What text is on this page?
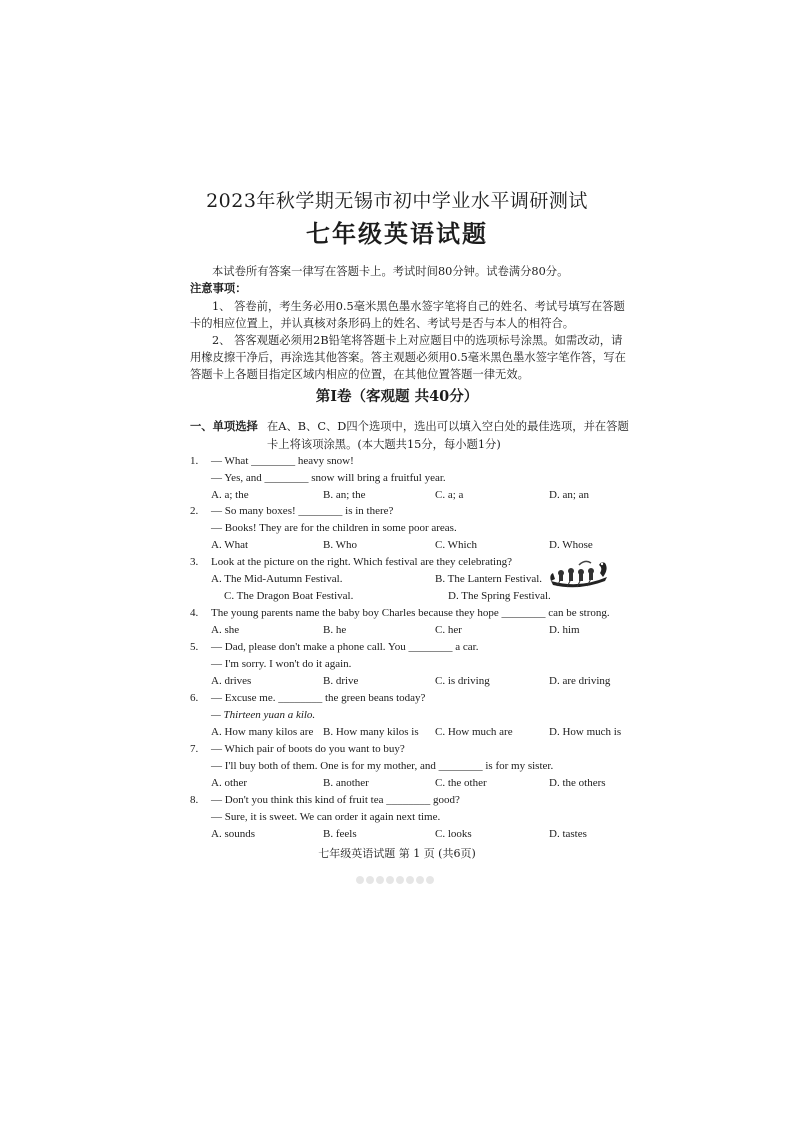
2023年秋学期无锡市初中学业水平调研测试
七年级英语试题
本试卷所有答案一律写在答题卡上。考试时间80分钟。试卷满分80分。
注意事项：
1、 答卷前，考生务必用0.5毫米黑色墨水签字笔将自己的姓名、考试号填写在答题
卡的相应位置上，并认真核对条形码上的姓名、考试号是否与本人的相符合。
2、 答客观题必须用2B铅笔将答题卡上对应题目中的选项标号涂黑。如需改动，请
用橡皮擦干净后，再涂选其他答案。答主观题必须用0.5毫米黑色墨水签字笔作答，写在
答题卡上各题目指定区域内相应的位置，在其他位置答题一律无效。
第Ⅰ卷（客观题 共40分）
一、单项选择 在A、B、C、D四个选项中，选出可以填入空白处的最佳选项，并在答题
卡上将该项涂黑。(本大题共15分，每小题1分)
1. — What ________ heavy snow!
— Yes, and ________ snow will bring a fruitful year.
A. a; the	B. an; the	C. a; a	D. an; an
2. — So many boxes! ________ is in there?
— Books! They are for the children in some poor areas.
A. What	B. Who	C. Which	D. Whose
3. Look at the picture on the right. Which festival are they celebrating?
A. The Mid-Autumn Festival.	B. The Lantern Festival.
C. The Dragon Boat Festival.	D. The Spring Festival.
4. The young parents name the baby boy Charles because they hope ________ can be strong.
A. she	B. he	C. her	D. him
5. — Dad, please don't make a phone call. You ________ a car.
— I'm sorry. I won't do it again.
A. drives	B. drive	C. is driving	D. are driving
6. — Excuse me. ________ the green beans today?
— Thirteen yuan a kilo.
A. How many kilos are B. How many kilos is C. How much are	D. How much is
7. — Which pair of boots do you want to buy?
— I'll buy both of them. One is for my mother, and ________ is for my sister.
A. other	B. another	C. the other	D. the others
8. — Don't you think this kind of fruit tea ________ good?
— Sure, it is sweet. We can order it again next time.
A. sounds	B. feels	C. looks	D. tastes
七年级英语试题 第 1 页 (共6页)
